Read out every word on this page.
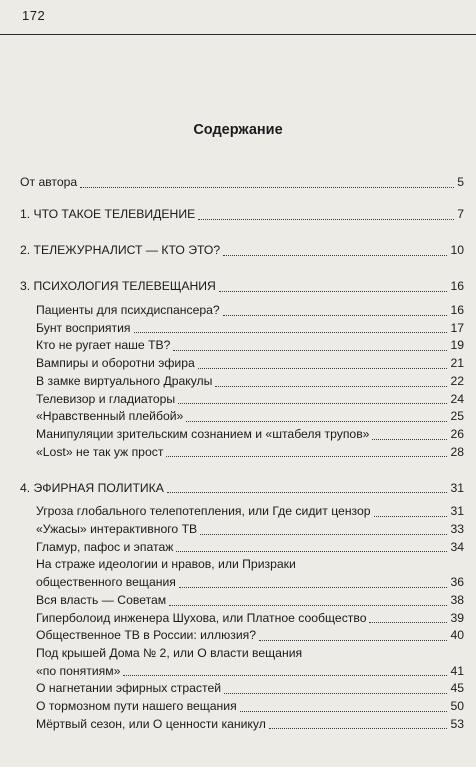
172
Содержание
От автора	5
1. ЧТО ТАКОЕ ТЕЛЕВИДЕНИЕ	7
2. ТЕЛЕЖУРНАЛИСТ — КТО ЭТО?	10
3. ПСИХОЛОГИЯ ТЕЛЕВЕЩАНИЯ	16
Пациенты для психдиспансера?	16
Бунт восприятия	17
Кто не ругает наше ТВ?	19
Вампиры и оборотни эфира	21
В замке виртуального Дракулы	22
Телевизор и гладиаторы	24
«Нравственный плейбой»	25
Манипуляции зрительским сознанием и «штабеля трупов»	26
«Lost» не так уж прост	28
4. ЭФИРНАЯ ПОЛИТИКА	31
Угроза глобального телепотепления, или Где сидит цензор	31
«Ужасы» интерактивного ТВ	33
Гламур, пафос и эпатаж	34
На страже идеологии и нравов, или Призраки
общественного вещания	36
Вся власть — Советам	38
Гиперболоид инженера Шухова, или Платное сообщество	39
Общественное ТВ в России: иллюзия?	40
Под крышей Дома № 2, или О власти вещания
«по понятиям»	41
О нагнетании эфирных страстей	45
О тормозном пути нашего вещания	50
Мёртвый сезон, или О ценности каникул	53
